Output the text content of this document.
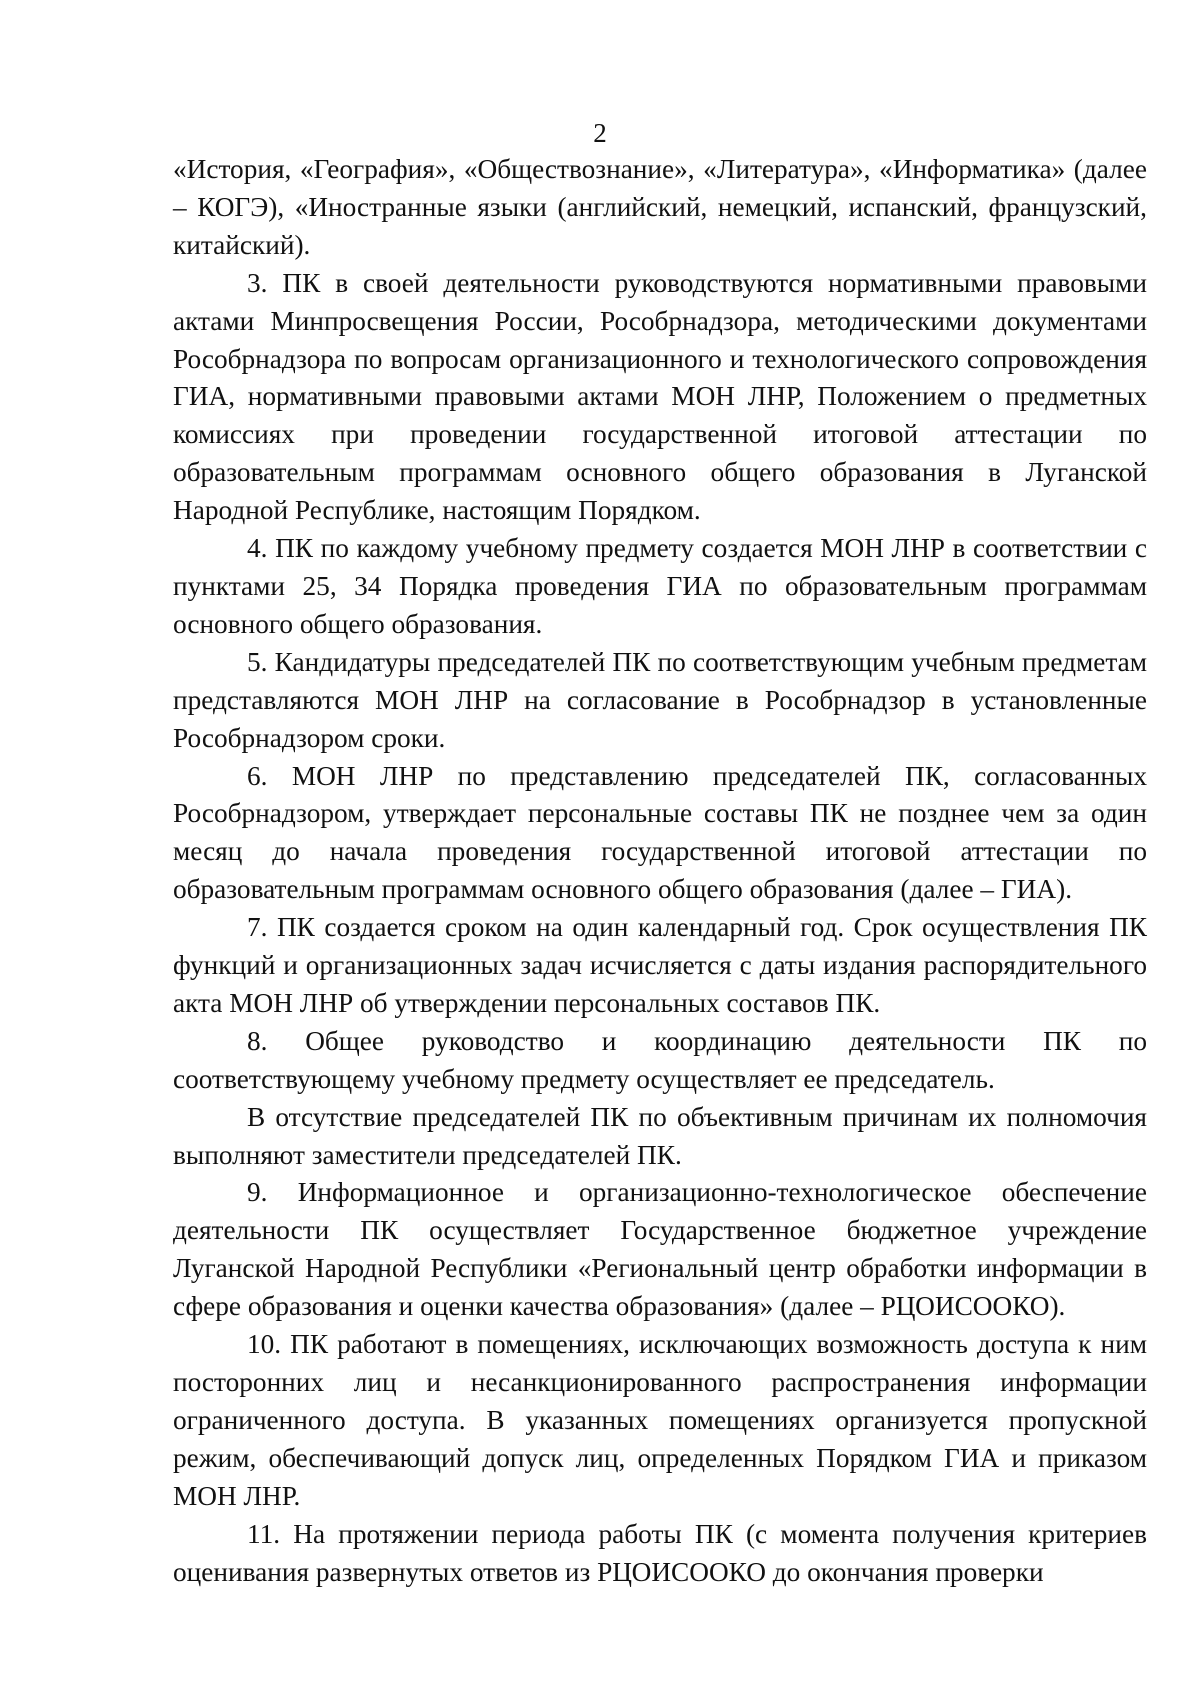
2

«История, «География», «Обществознание», «Литература», «Информатика» (далее – КОГЭ), «Иностранные языки (английский, немецкий, испанский, французский, китайский).

3. ПК в своей деятельности руководствуются нормативными правовыми актами Минпросвещения России, Рособрнадзора, методическими документами Рособрнадзора по вопросам организационного и технологического сопровождения ГИА, нормативными правовыми актами МОН ЛНР, Положением о предметных комиссиях при проведении государственной итоговой аттестации по образовательным программам основного общего образования в Луганской Народной Республике, настоящим Порядком.

4. ПК по каждому учебному предмету создается МОН ЛНР в соответствии с пунктами 25, 34 Порядка проведения ГИА по образовательным программам основного общего образования.

5. Кандидатуры председателей ПК по соответствующим учебным предметам представляются МОН ЛНР на согласование в Рособрнадзор в установленные Рособрнадзором сроки.

6. МОН ЛНР по представлению председателей ПК, согласованных Рособрнадзором, утверждает персональные составы ПК не позднее чем за один месяц до начала проведения государственной итоговой аттестации по образовательным программам основного общего образования (далее – ГИА).

7. ПК создается сроком на один календарный год. Срок осуществления ПК функций и организационных задач исчисляется с даты издания распорядительного акта МОН ЛНР об утверждении персональных составов ПК.

8. Общее руководство и координацию деятельности ПК по соответствующему учебному предмету осуществляет ее председатель.

В отсутствие председателей ПК по объективным причинам их полномочия выполняют заместители председателей ПК.

9. Информационное и организационно-технологическое обеспечение деятельности ПК осуществляет Государственное бюджетное учреждение Луганской Народной Республики «Региональный центр обработки информации в сфере образования и оценки качества образования» (далее – РЦОИСООКО).

10. ПК работают в помещениях, исключающих возможность доступа к ним посторонних лиц и несанкционированного распространения информации ограниченного доступа. В указанных помещениях организуется пропускной режим, обеспечивающий допуск лиц, определенных Порядком ГИА и приказом МОН ЛНР.

11. На протяжении периода работы ПК (с момента получения критериев оценивания развернутых ответов из РЦОИСООКО до окончания проверки
